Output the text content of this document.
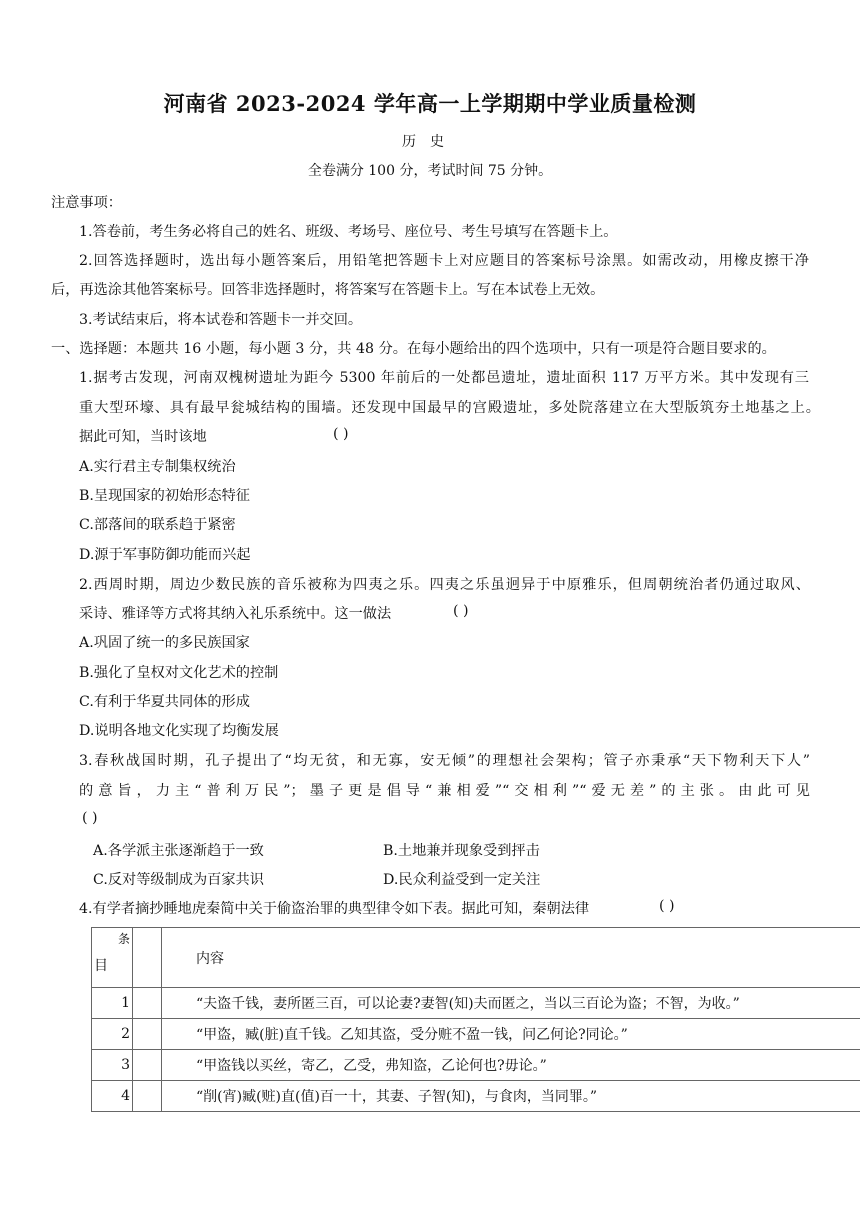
河南省 2023-2024 学年高一上学期期中学业质量检测
历史
全卷满分 100 分，考试时间 75 分钟。
注意事项：
1.答卷前，考生务必将自己的姓名、班级、考场号、座位号、考生号填写在答题卡上。
2.回答选择题时，选出每小题答案后，用铅笔把答题卡上对应题目的答案标号涂黑。如需改动，用橡皮擦干净
后，再选涂其他答案标号。回答非选择题时，将答案写在答题卡上。写在本试卷上无效。
3.考试结束后，将本试卷和答题卡一并交回。
一、选择题：本题共 16 小题，每小题 3 分，共 48 分。在每小题给出的四个选项中，只有一项是符合题目要求的。
1.据考古发现，河南双槐树遗址为距今 5300 年前后的一处都邑遗址，遗址面积 117 万平方米。其中发现有三
重大型环壕、具有最早瓮城结构的围墙。还发现中国最早的宫殿遗址，多处院落建立在大型版筑夯土地基之上。
据此可知，当时该地	( )
A.实行君主专制集权统治
B.呈现国家的初始形态特征
C.部落间的联系趋于紧密
D.源于军事防御功能而兴起
2.西周时期，周边少数民族的音乐被称为四夷之乐。四夷之乐虽迥异于中原雅乐，但周朝统治者仍通过取风、
采诗、雅译等方式将其纳入礼乐系统中。这一做法	( )
A.巩固了统一的多民族国家
B.强化了皇权对文化艺术的控制
C.有利于华夏共同体的形成
D.说明各地文化实现了均衡发展
3.春秋战国时期，孔子提出了“均无贫，和无寡，安无倾”的理想社会架构；管子亦秉承“天下物利天下人”
的意旨，力主“普利万民”；墨子更是倡导“兼相爱”“交相利”“爱无差”的主张。由此可见
( )
A.各学派主张逐渐趋于一致	B.土地兼并现象受到抨击
C.反对等级制成为百家共识	D.民众利益受到一定关注
4.有学者摘抄睡地虎秦简中关于偷盗治罪的典型律令如下表。据此可知，秦朝法律	( )
条
目		内容
1		“夫盗千钱，妻所匿三百，可以论妻?妻智(知)夫而匿之，当以三百论为盗；不智，为收。”
2		“甲盗，臧(脏)直千钱。乙知其盗，受分赃不盈一钱，问乙何论?同论。”
3		“甲盗钱以买丝，寄乙，乙受，弗知盗，乙论何也?毋论。”
4		“削(宵)臧(赃)直(值)百一十，其妻、子智(知)，与食肉，当同罪。”
